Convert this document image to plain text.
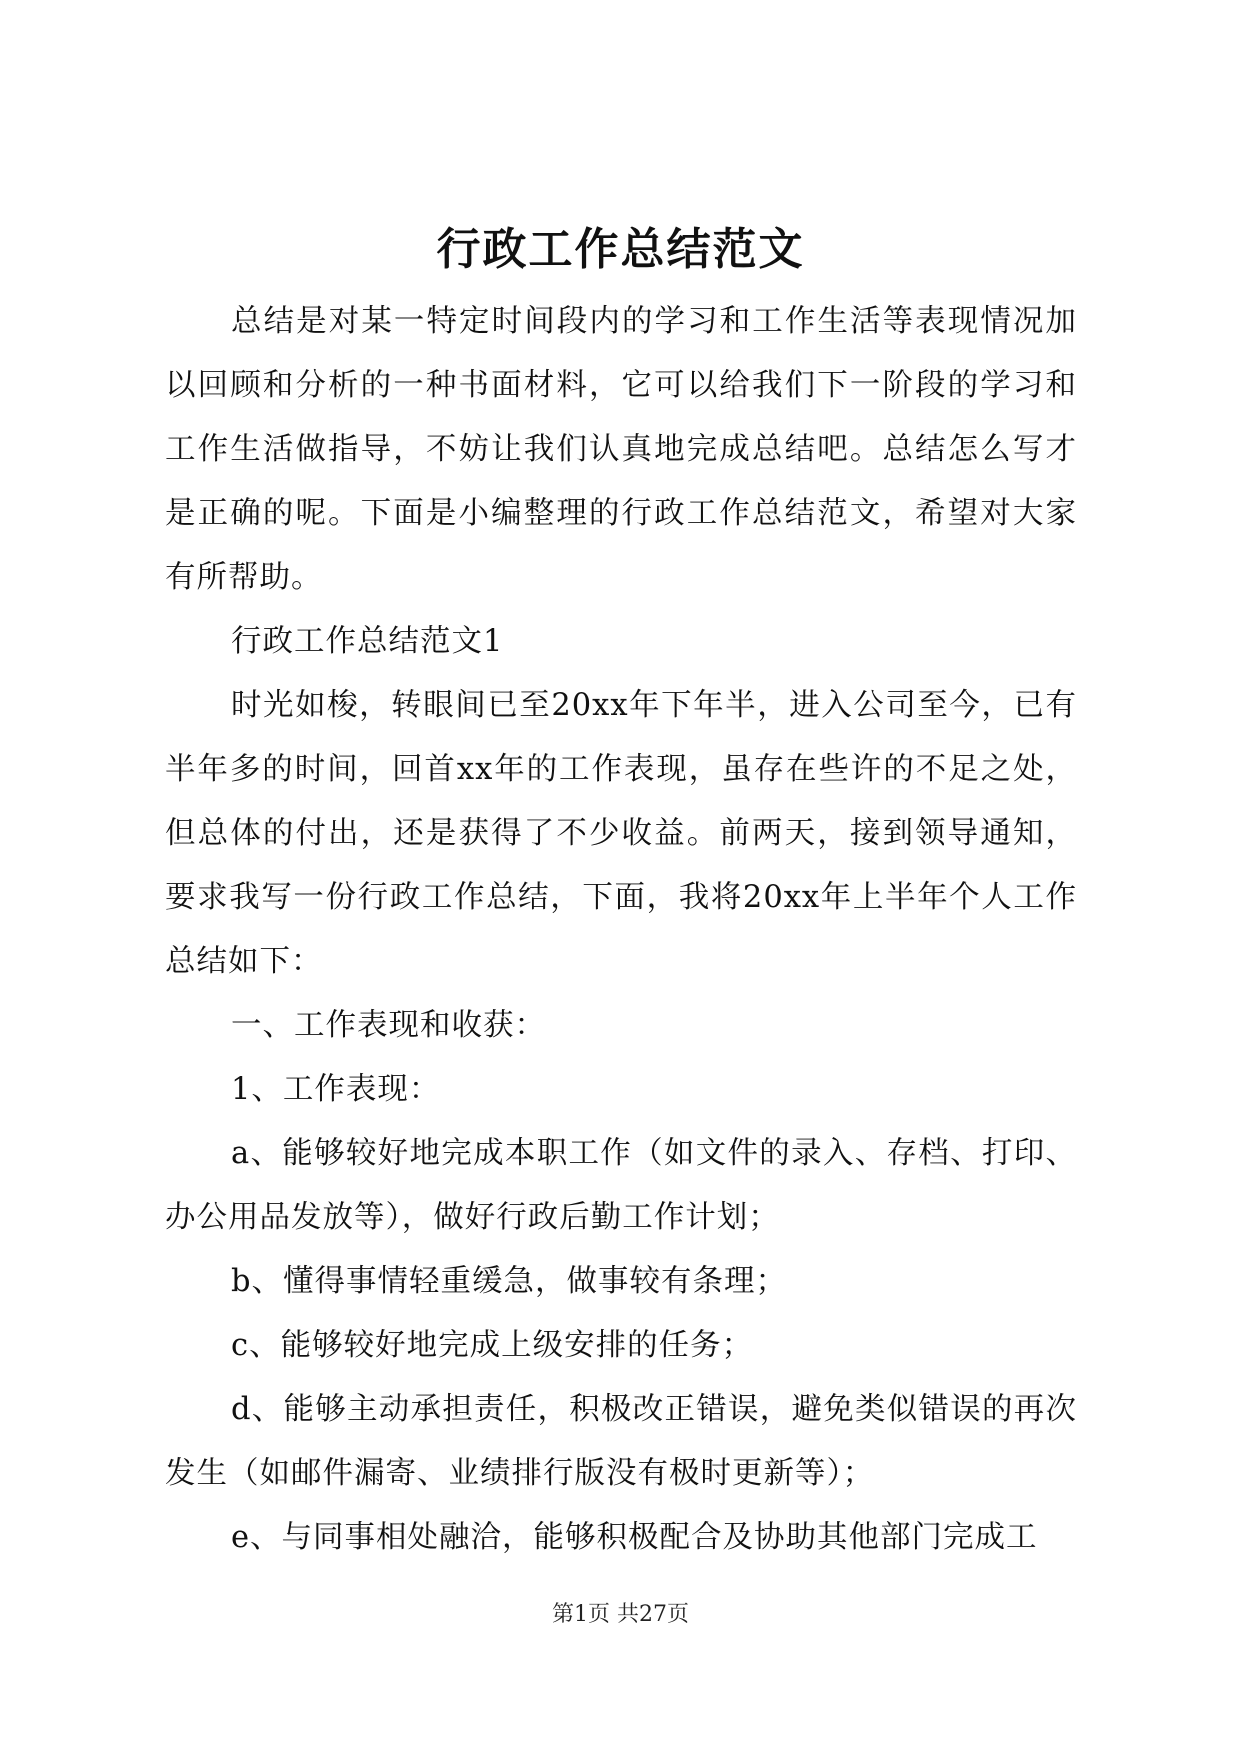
行政工作总结范文

总结是对某一特定时间段内的学习和工作生活等表现情况加以回顾和分析的一种书面材料，它可以给我们下一阶段的学习和工作生活做指导，不妨让我们认真地完成总结吧。总结怎么写才是正确的呢。下面是小编整理的行政工作总结范文，希望对大家有所帮助。

行政工作总结范文1

时光如梭，转眼间已至20xx年下年半，进入公司至今，已有半年多的时间，回首xx年的工作表现，虽存在些许的不足之处，但总体的付出，还是获得了不少收益。前两天，接到领导通知，要求我写一份行政工作总结，下面，我将20xx年上半年个人工作总结如下：

一、工作表现和收获：

1、工作表现：

a、能够较好地完成本职工作（如文件的录入、存档、打印、办公用品发放等），做好行政后勤工作计划；

b、懂得事情轻重缓急，做事较有条理；

c、能够较好地完成上级安排的任务；

d、能够主动承担责任，积极改正错误，避免类似错误的再次发生（如邮件漏寄、业绩排行版没有极时更新等）；

e、与同事相处融洽，能够积极配合及协助其他部门完成工

第1页 共27页
